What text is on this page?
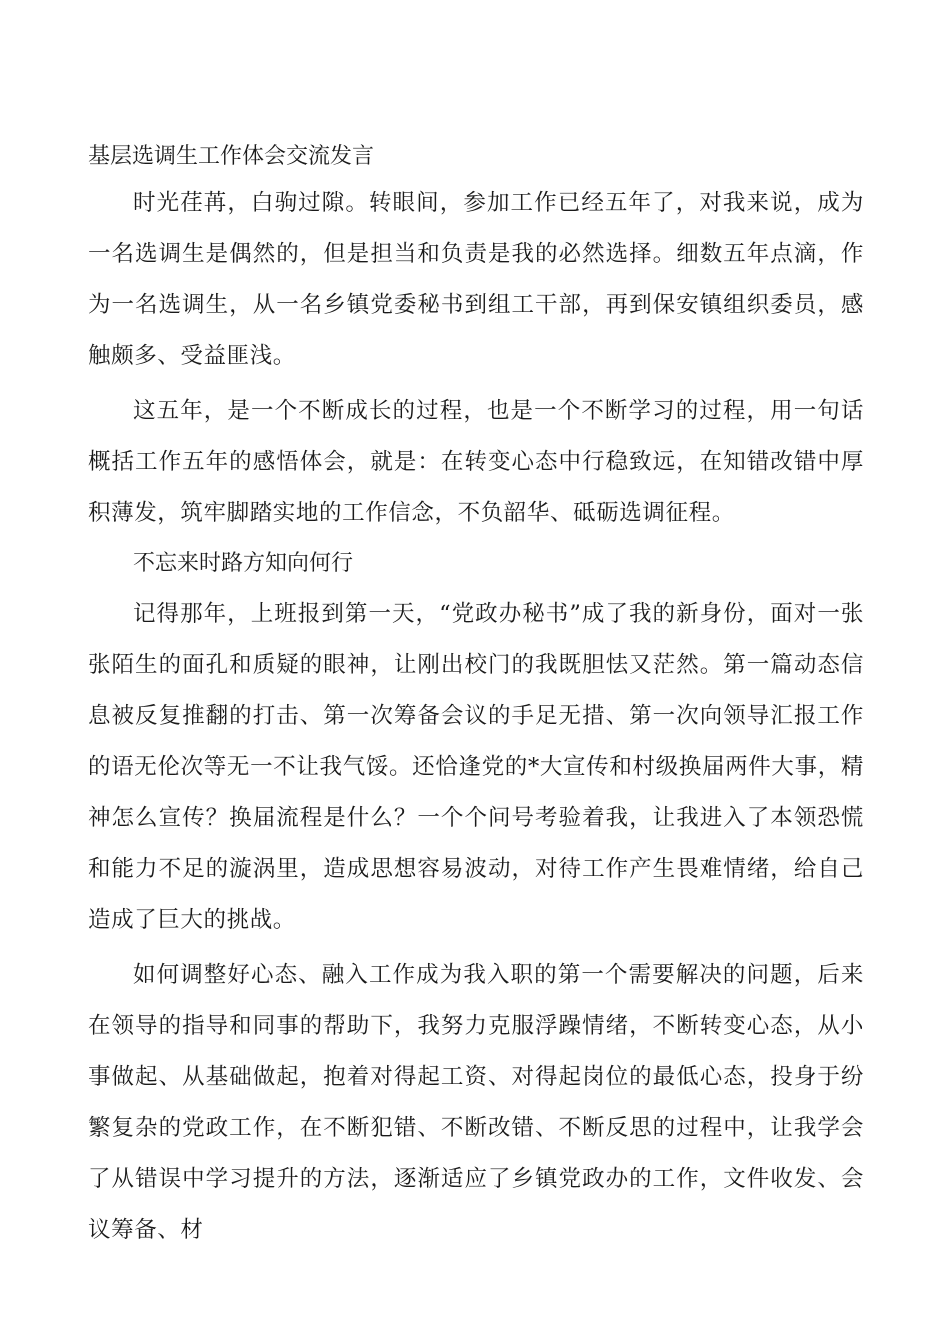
基层选调生工作体会交流发言

时光荏苒，白驹过隙。转眼间，参加工作已经五年了，对我来说，成为一名选调生是偶然的，但是担当和负责是我的必然选择。细数五年点滴，作为一名选调生，从一名乡镇党委秘书到组工干部，再到保安镇组织委员，感触颇多、受益匪浅。

这五年，是一个不断成长的过程，也是一个不断学习的过程，用一句话概括工作五年的感悟体会，就是：在转变心态中行稳致远，在知错改错中厚积薄发，筑牢脚踏实地的工作信念，不负韶华、砥砺选调征程。

不忘来时路方知向何行

记得那年，上班报到第一天，“党政办秘书”成了我的新身份，面对一张张陌生的面孔和质疑的眼神，让刚出校门的我既胆怯又茫然。第一篇动态信息被反复推翻的打击、第一次筹备会议的手足无措、第一次向领导汇报工作的语无伦次等无一不让我气馁。还恰逢党的*大宣传和村级换届两件大事，精神怎么宣传？换届流程是什么？一个个问号考验着我，让我进入了本领恐慌和能力不足的漩涡里，造成思想容易波动，对待工作产生畏难情绪，给自己造成了巨大的挑战。

如何调整好心态、融入工作成为我入职的第一个需要解决的问题，后来在领导的指导和同事的帮助下，我努力克服浮躁情绪，不断转变心态，从小事做起、从基础做起，抱着对得起工资、对得起岗位的最低心态，投身于纷繁复杂的党政工作，在不断犯错、不断改错、不断反思的过程中，让我学会了从错误中学习提升的方法，逐渐适应了乡镇党政办的工作，文件收发、会议筹备、材
